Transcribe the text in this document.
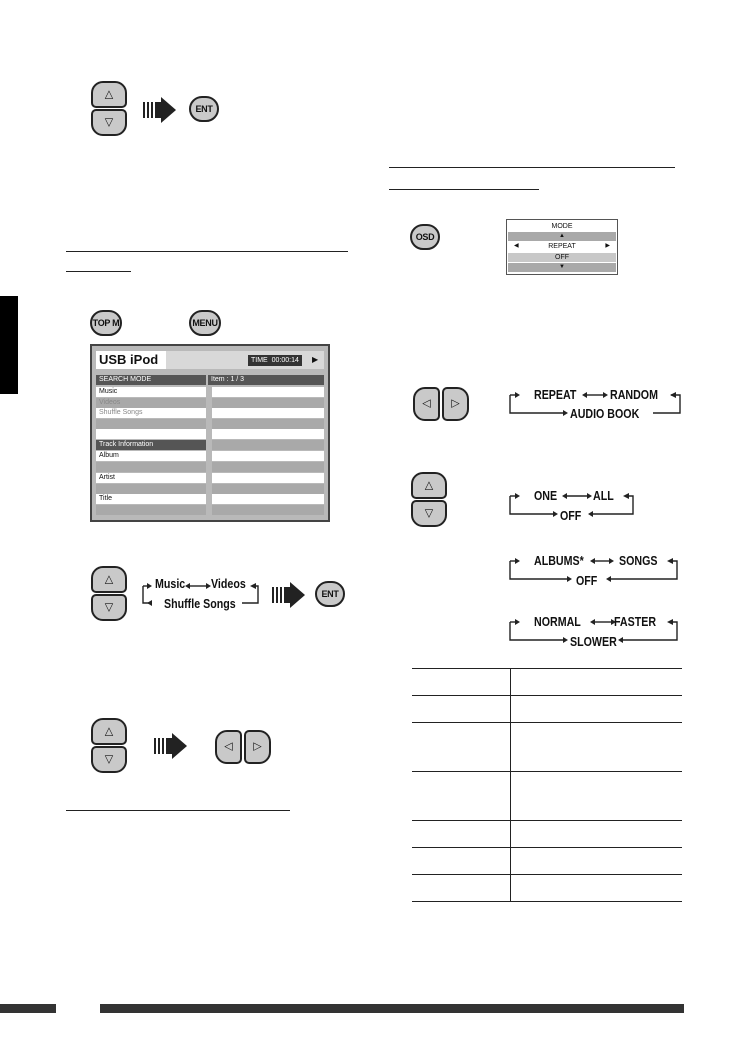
△
▽
ENT
TOP M	MENU
USB iPod	TIME 00:00:14	▶
SEARCH MODE	Item : 1 / 3
Music
Videos
Shuffle Songs
Track Information
Album
Artist
Title
△
▽
Music Videos
Shuffle Songs
ENT
△
▽
◁ ▷
OSD
MODE
▲
◀	REPEAT	▶
OFF
▼
◁ ▷
REPEAT	RANDOM
AUDIO BOOK
△
▽
ONE	ALL
OFF
ALBUMS*	SONGS
OFF
NORMAL	FASTER
SLOWER
